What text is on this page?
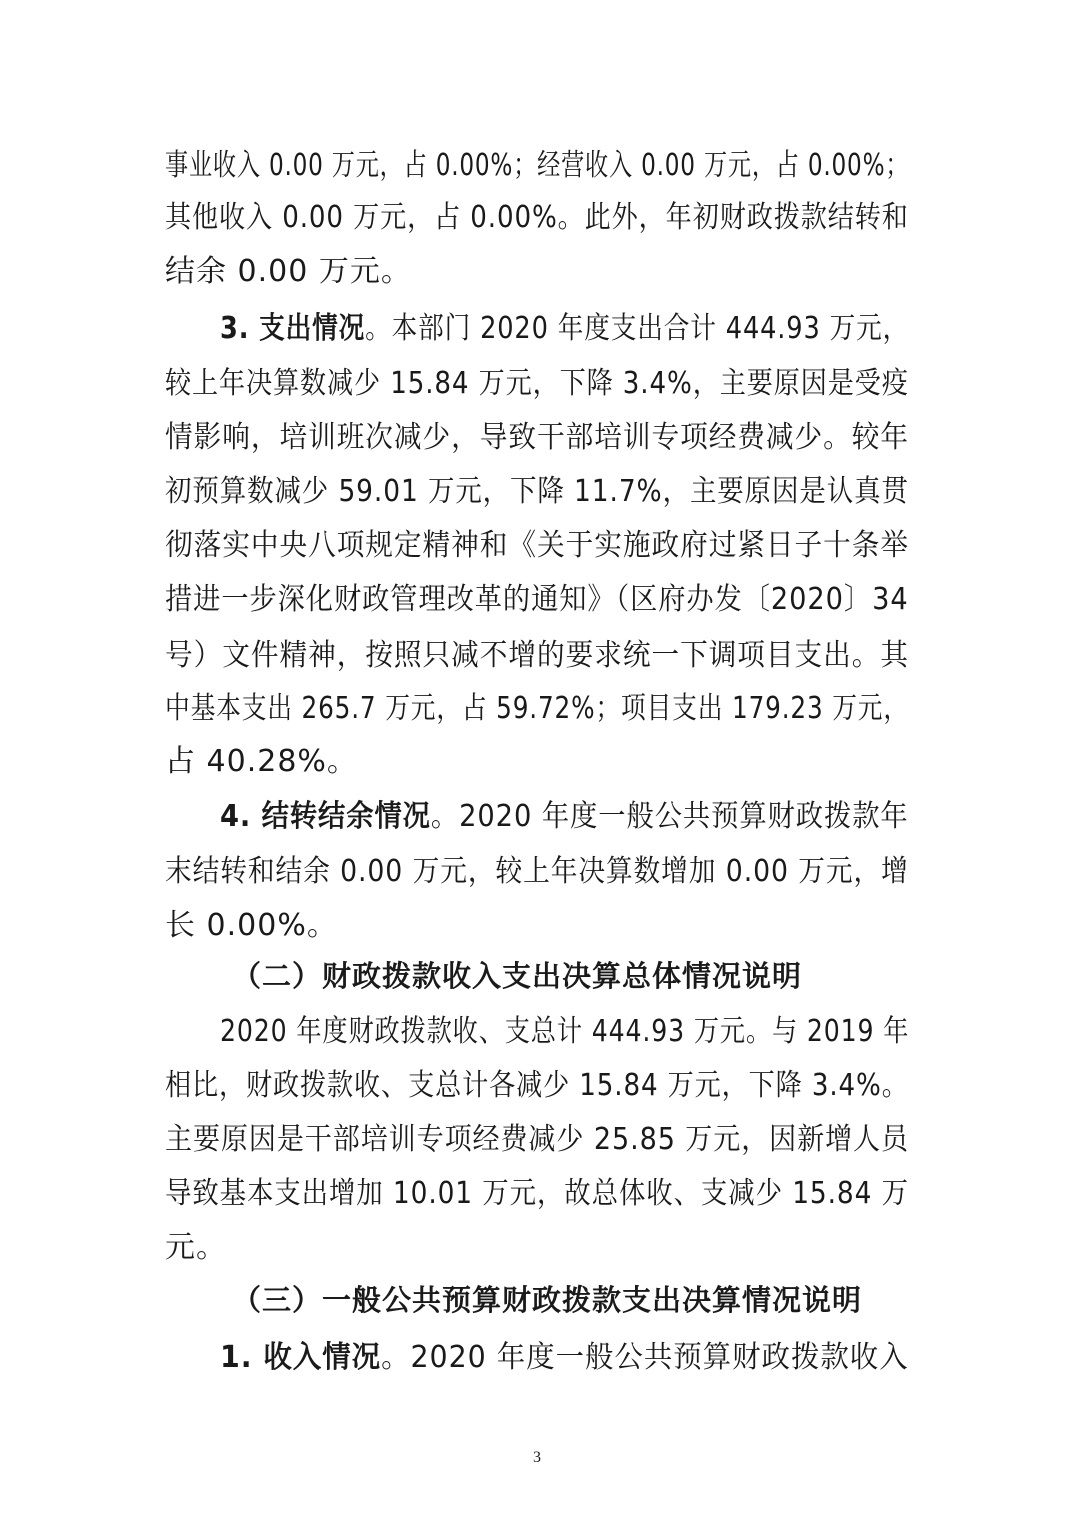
事业收入 0.00 万元，占 0.00%；经营收入 0.00 万元，占 0.00%；
其他收入 0.00 万元，占 0.00%。此外，年初财政拨款结转和
结余 0.00 万元。
3. 支出情况。本部门 2020 年度支出合计 444.93 万元，
较上年决算数减少 15.84 万元，下降 3.4%，主要原因是受疫
情影响，培训班次减少，导致干部培训专项经费减少。较年
初预算数减少 59.01 万元，下降 11.7%，主要原因是认真贯
彻落实中央八项规定精神和《关于实施政府过紧日子十条举
措进一步深化财政管理改革的通知》（区府办发〔2020〕34
号）文件精神，按照只减不增的要求统一下调项目支出。其
中基本支出 265.7 万元，占 59.72%；项目支出 179.23 万元，
占 40.28%。
4. 结转结余情况。2020 年度一般公共预算财政拨款年
末结转和结余 0.00 万元，较上年决算数增加 0.00 万元，增
长 0.00%。
（二）财政拨款收入支出决算总体情况说明
2020 年度财政拨款收、支总计 444.93 万元。与 2019 年
相比，财政拨款收、支总计各减少 15.84 万元，下降 3.4%。
主要原因是干部培训专项经费减少 25.85 万元，因新增人员
导致基本支出增加 10.01 万元，故总体收、支减少 15.84 万
元。
（三）一般公共预算财政拨款支出决算情况说明
1. 收入情况。2020 年度一般公共预算财政拨款收入
3
